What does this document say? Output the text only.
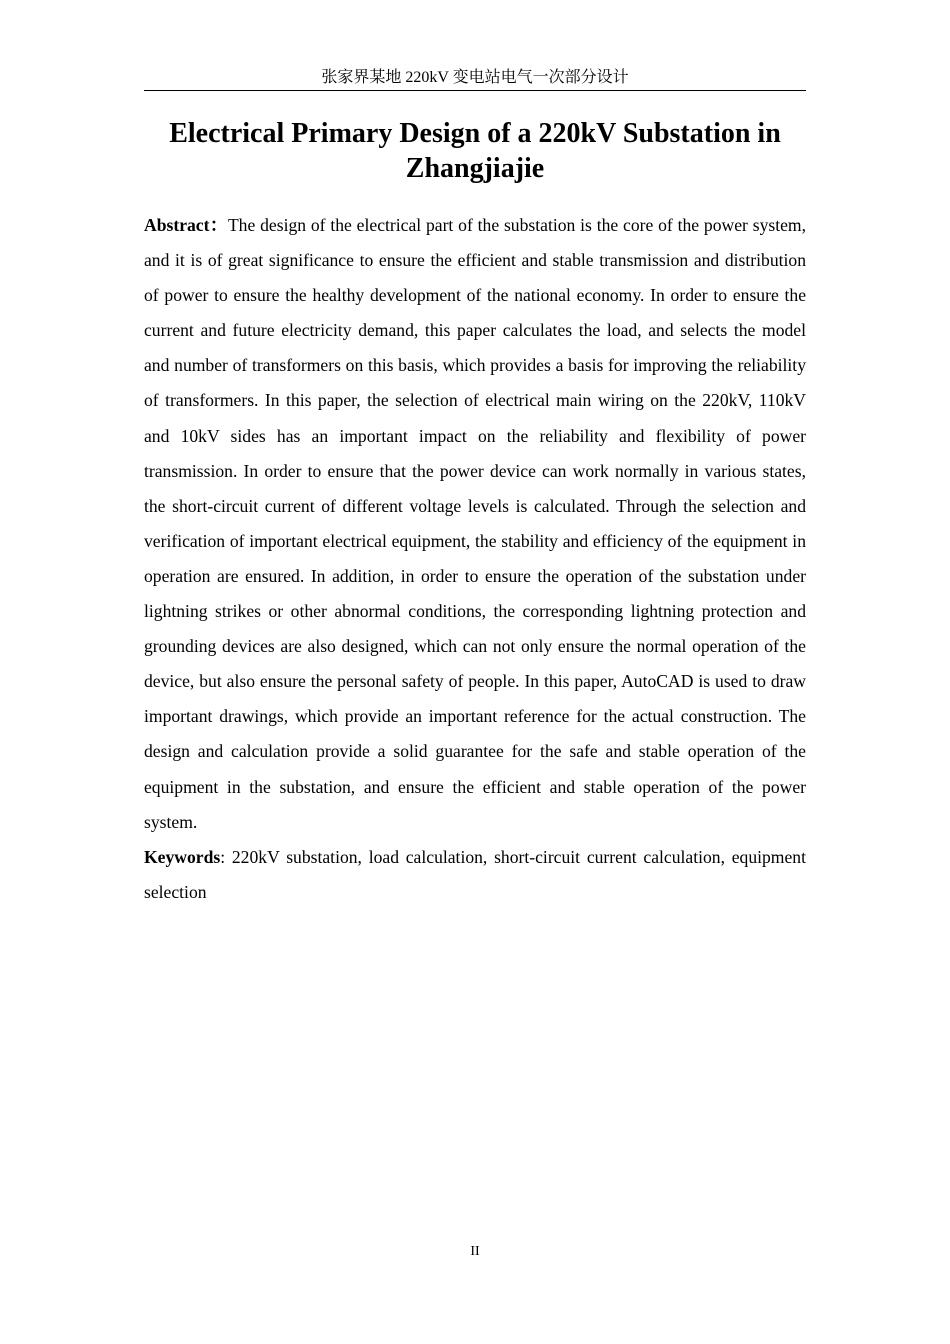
张家界某地 220kV 变电站电气一次部分设计
Electrical Primary Design of a 220kV Substation in Zhangjiajie

Abstract：The design of the electrical part of the substation is the core of the power system, and it is of great significance to ensure the efficient and stable transmission and distribution of power to ensure the healthy development of the national economy. In order to ensure the current and future electricity demand, this paper calculates the load, and selects the model and number of transformers on this basis, which provides a basis for improving the reliability of transformers. In this paper, the selection of electrical main wiring on the 220kV, 110kV and 10kV sides has an important impact on the reliability and flexibility of power transmission. In order to ensure that the power device can work normally in various states, the short-circuit current of different voltage levels is calculated. Through the selection and verification of important electrical equipment, the stability and efficiency of the equipment in operation are ensured. In addition, in order to ensure the operation of the substation under lightning strikes or other abnormal conditions, the corresponding lightning protection and grounding devices are also designed, which can not only ensure the normal operation of the device, but also ensure the personal safety of people. In this paper, AutoCAD is used to draw important drawings, which provide an important reference for the actual construction. The design and calculation provide a solid guarantee for the safe and stable operation of the equipment in the substation, and ensure the efficient and stable operation of the power system.

Keywords: 220kV substation, load calculation, short-circuit current calculation, equipment selection

II
